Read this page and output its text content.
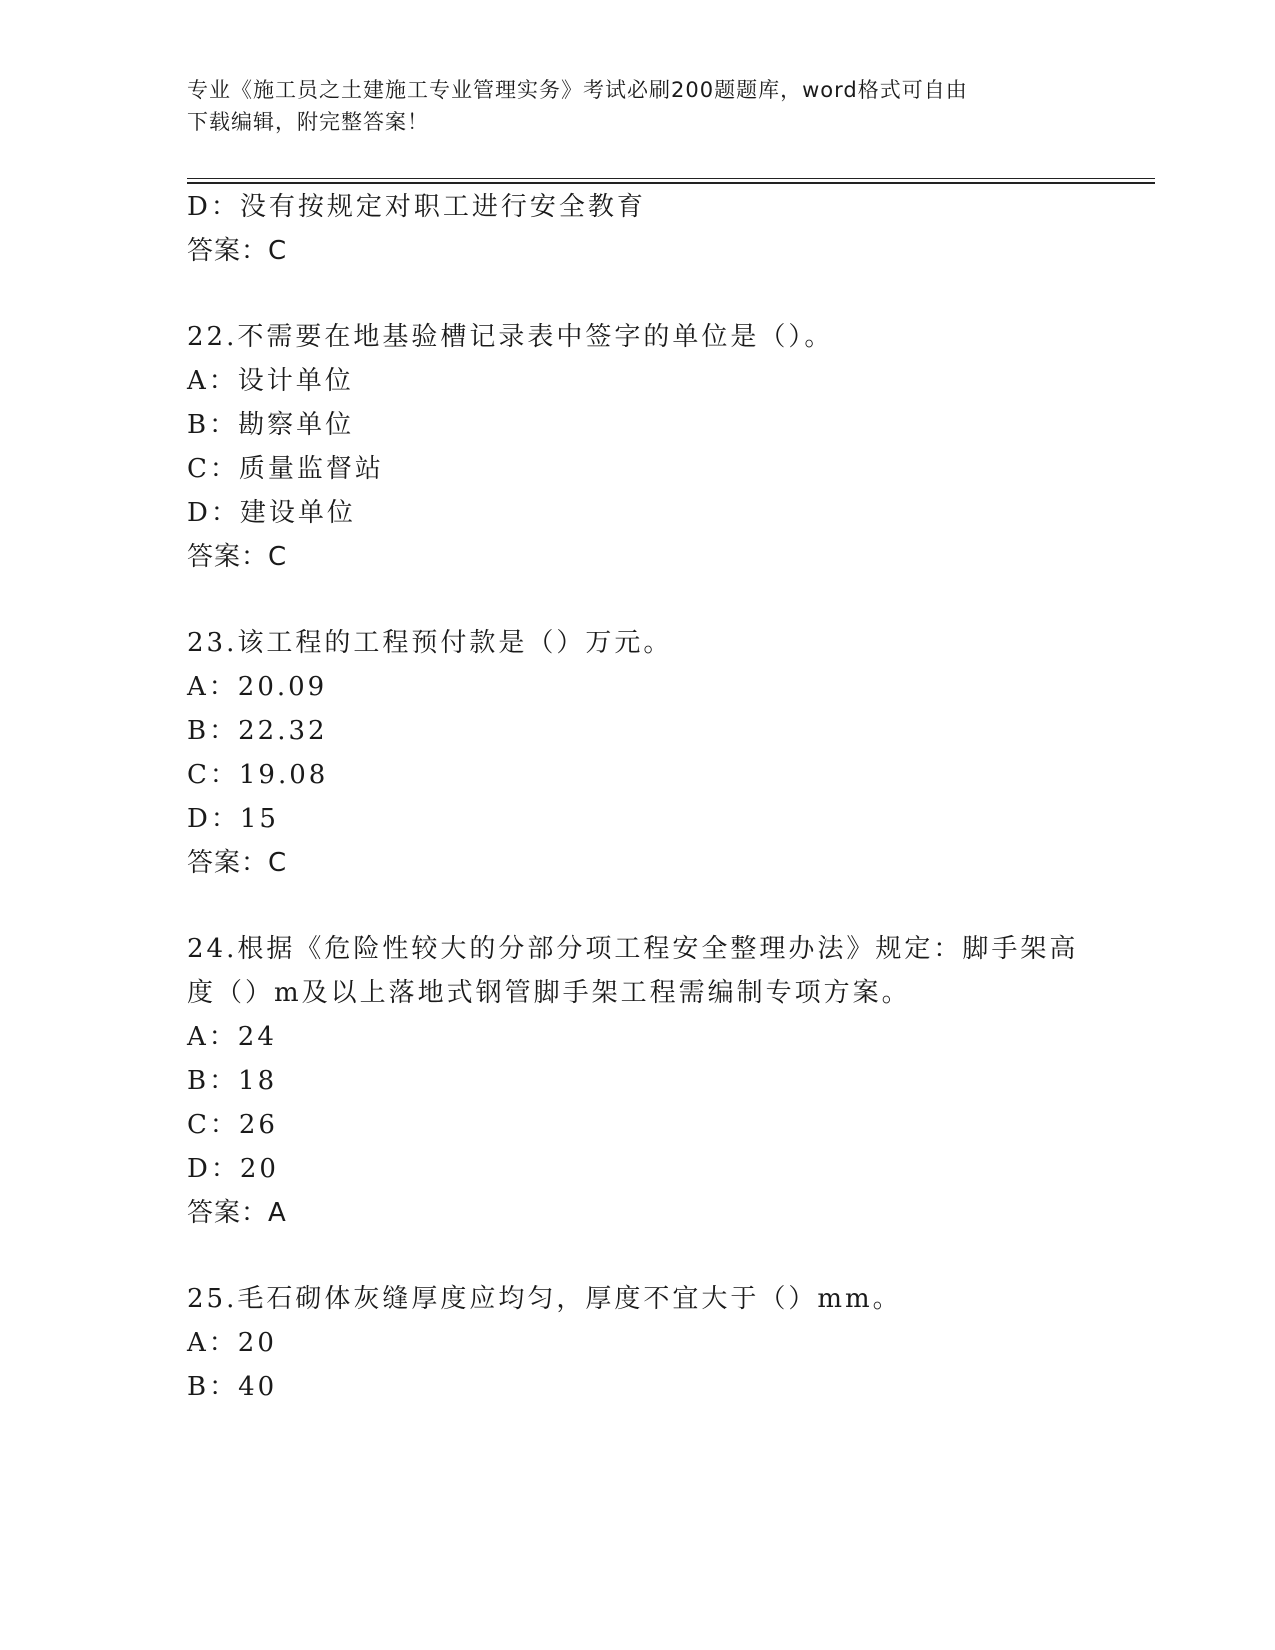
专业《施工员之土建施工专业管理实务》考试必刷200题题库，word格式可自由
下载编辑，附完整答案！
D：没有按规定对职工进行安全教育
答案：C
22.不需要在地基验槽记录表中签字的单位是（）。
A：设计单位
B：勘察单位
C：质量监督站
D：建设单位
答案：C
23.该工程的工程预付款是（）万元。
A：20.09
B：22.32
C：19.08
D：15
答案：C
24.根据《危险性较大的分部分项工程安全整理办法》规定：脚手架高
度（）m及以上落地式钢管脚手架工程需编制专项方案。
A：24
B：18
C：26
D：20
答案：A
25.毛石砌体灰缝厚度应均匀，厚度不宜大于（）mm。
A：20
B：40
